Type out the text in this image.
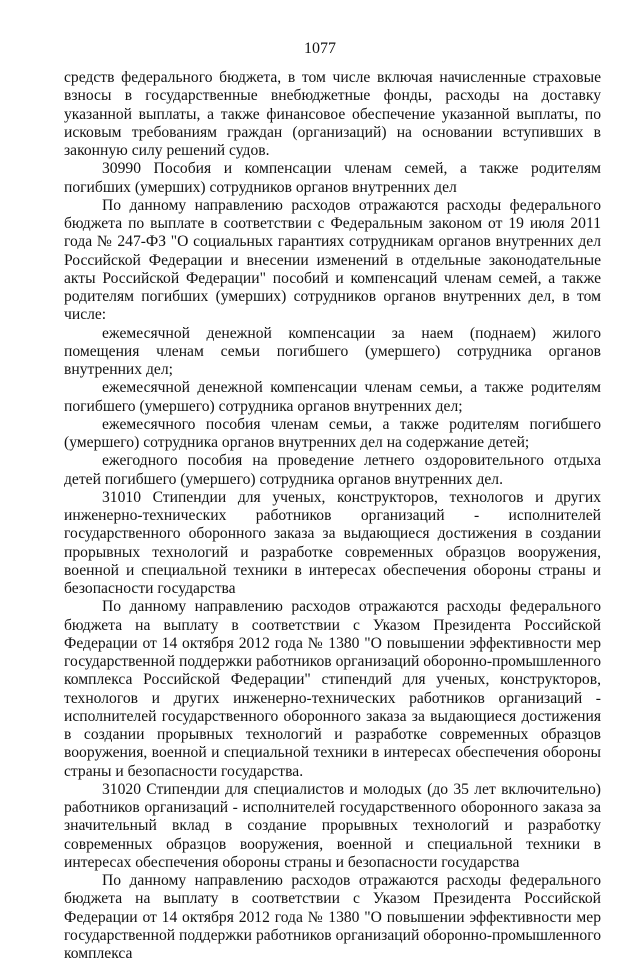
1077

средств федерального бюджета, в том числе включая начисленные страховые взносы в государственные внебюджетные фонды, расходы на доставку указанной выплаты, а также финансовое обеспечение указанной выплаты, по исковым требованиям граждан (организаций) на основании вступивших в законную силу решений судов.

30990 Пособия и компенсации членам семей, а также родителям погибших (умерших) сотрудников органов внутренних дел

По данному направлению расходов отражаются расходы федерального бюджета по выплате в соответствии с Федеральным законом от 19 июля 2011 года № 247-ФЗ "О социальных гарантиях сотрудникам органов внутренних дел Российской Федерации и внесении изменений в отдельные законодательные акты Российской Федерации" пособий и компенсаций членам семей, а также родителям погибших (умерших) сотрудников органов внутренних дел, в том числе:

ежемесячной денежной компенсации за наем (поднаем) жилого помещения членам семьи погибшего (умершего) сотрудника органов внутренних дел;

ежемесячной денежной компенсации членам семьи, а также родителям погибшего (умершего) сотрудника органов внутренних дел;

ежемесячного пособия членам семьи, а также родителям погибшего (умершего) сотрудника органов внутренних дел на содержание детей;

ежегодного пособия на проведение летнего оздоровительного отдыха детей погибшего (умершего) сотрудника органов внутренних дел.

31010 Стипендии для ученых, конструкторов, технологов и других инженерно-технических работников организаций - исполнителей государственного оборонного заказа за выдающиеся достижения в создании прорывных технологий и разработке современных образцов вооружения, военной и специальной техники в интересах обеспечения обороны страны и безопасности государства

По данному направлению расходов отражаются расходы федерального бюджета на выплату в соответствии с Указом Президента Российской Федерации от 14 октября 2012 года № 1380 "О повышении эффективности мер государственной поддержки работников организаций оборонно-промышленного комплекса Российской Федерации" стипендий для ученых, конструкторов, технологов и других инженерно-технических работников организаций - исполнителей государственного оборонного заказа за выдающиеся достижения в создании прорывных технологий и разработке современных образцов вооружения, военной и специальной техники в интересах обеспечения обороны страны и безопасности государства.

31020 Стипендии для специалистов и молодых (до 35 лет включительно) работников организаций - исполнителей государственного оборонного заказа за значительный вклад в создание прорывных технологий и разработку современных образцов вооружения, военной и специальной техники в интересах обеспечения обороны страны и безопасности государства

По данному направлению расходов отражаются расходы федерального бюджета на выплату в соответствии с Указом Президента Российской Федерации от 14 октября 2012 года № 1380 "О повышении эффективности мер государственной поддержки работников организаций оборонно-промышленного комплекса
